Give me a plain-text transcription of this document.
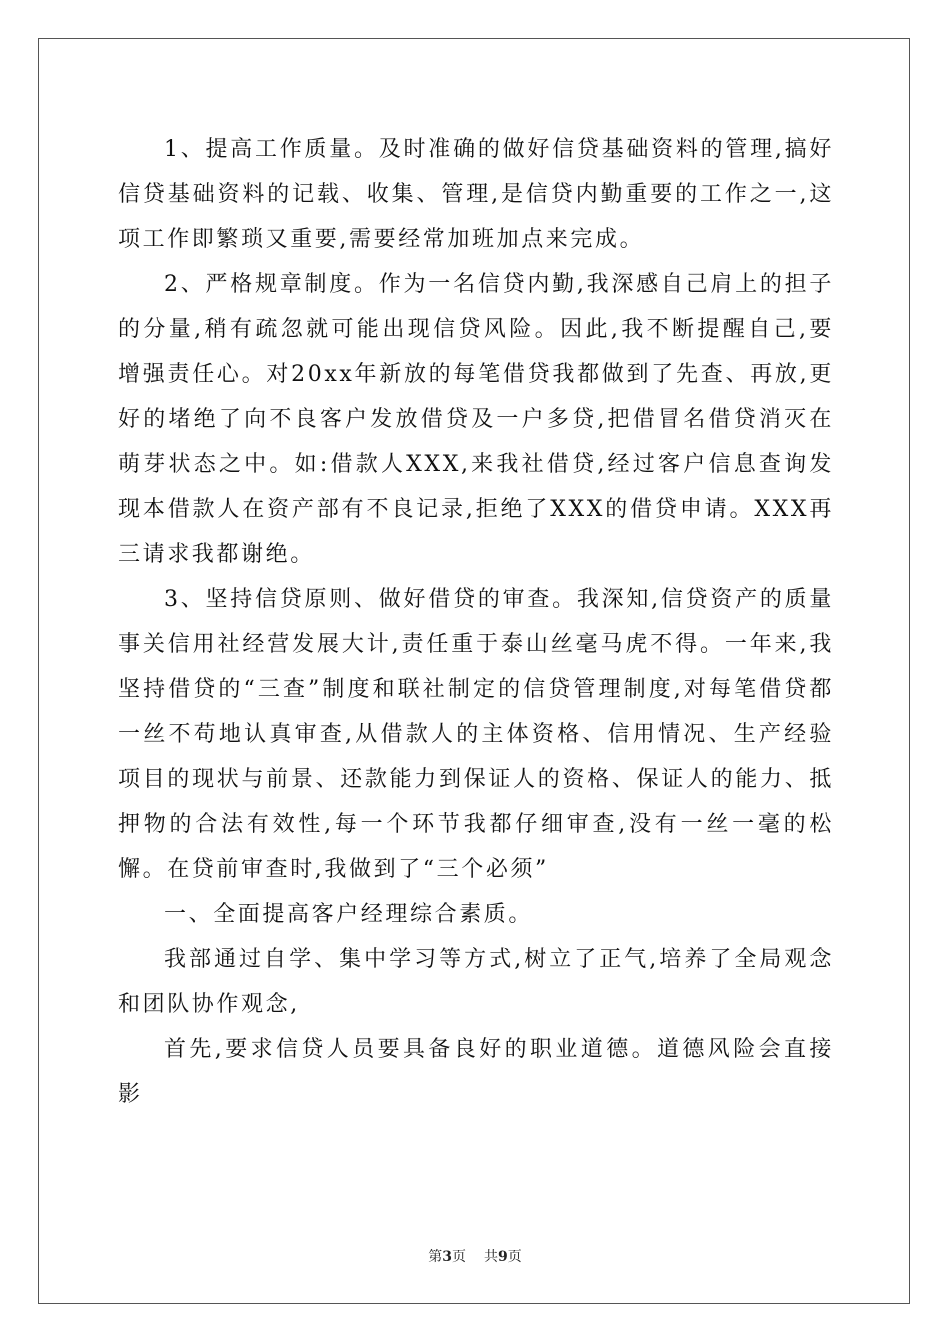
1、提高工作质量。及时准确的做好信贷基础资料的管理,搞好信贷基础资料的记载、收集、管理,是信贷内勤重要的工作之一,这项工作即繁琐又重要,需要经常加班加点来完成。

2、严格规章制度。作为一名信贷内勤,我深感自己肩上的担子的分量,稍有疏忽就可能出现信贷风险。因此,我不断提醒自己,要增强责任心。对20xx年新放的每笔借贷我都做到了先查、再放,更好的堵绝了向不良客户发放借贷及一户多贷,把借冒名借贷消灭在萌芽状态之中。如:借款人XXX,来我社借贷,经过客户信息查询发现本借款人在资产部有不良记录,拒绝了XXX的借贷申请。XXX再三请求我都谢绝。

3、坚持信贷原则、做好借贷的审查。我深知,信贷资产的质量事关信用社经营发展大计,责任重于泰山丝毫马虎不得。一年来,我坚持借贷的“三查”制度和联社制定的信贷管理制度,对每笔借贷都一丝不苟地认真审查,从借款人的主体资格、信用情况、生产经验项目的现状与前景、还款能力到保证人的资格、保证人的能力、抵押物的合法有效性,每一个环节我都仔细审查,没有一丝一毫的松懈。在贷前审查时,我做到了“三个必须”

一、全面提高客户经理综合素质。

我部通过自学、集中学习等方式,树立了正气,培养了全局观念和团队协作观念,

首先,要求信贷人员要具备良好的职业道德。道德风险会直接影

第3页 共9页
